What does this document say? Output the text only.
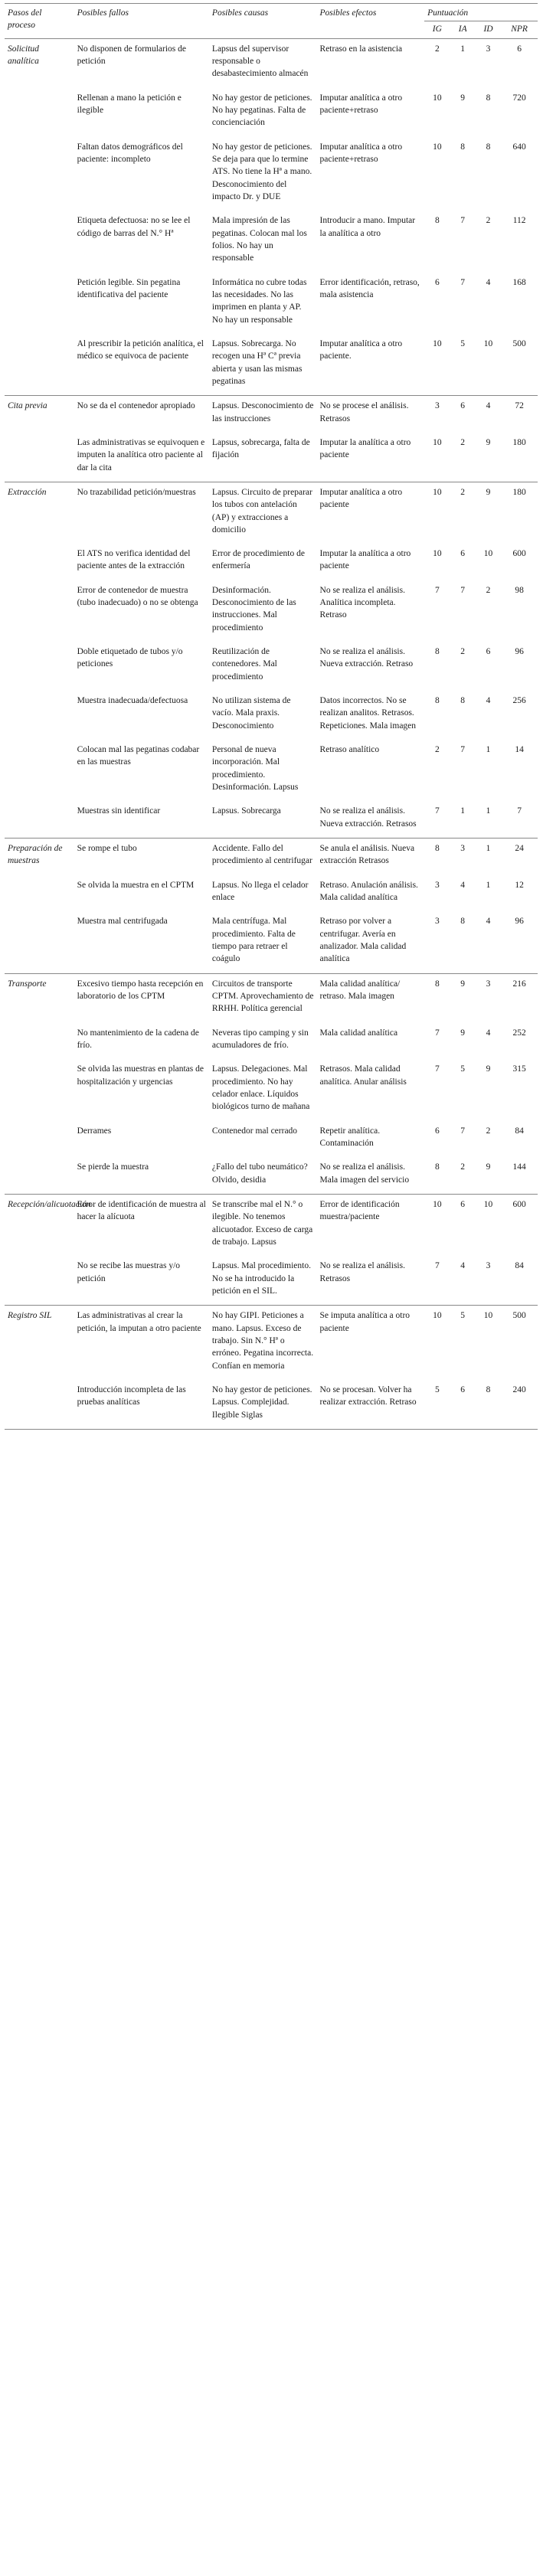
Pasos del proceso	Posibles fallos	Posibles causas	Posibles efectos	Puntuación			
				IG	IA	ID	NPR
Solicitud analítica	No disponen de formularios de petición	Lapsus del supervisor responsable o desabastecimiento almacén	Retraso en la asistencia	2	1	3	6
	Rellenan a mano la petición e ilegible	No hay gestor de peticiones. No hay pegatinas. Falta de concienciación	Imputar analítica a otro paciente+retraso	10	9	8	720
	Faltan datos demográficos del paciente: incompleto	No hay gestor de peticiones. Se deja para que lo termine ATS. No tiene la Hª a mano. Desconocimiento del impacto Dr. y DUE	Imputar analítica a otro paciente+retraso	10	8	8	640
	Etiqueta defectuosa: no se lee el código de barras del N.° Hª	Mala impresión de las pegatinas. Colocan mal los folios. No hay un responsable	Introducir a mano. Imputar la analítica a otro	8	7	2	112
	Petición legible. Sin pegatina identificativa del paciente	Informática no cubre todas las necesidades. No las imprimen en planta y AP. No hay un responsable	Error identificación, retraso, mala asistencia	6	7	4	168
	Al prescribir la petición analítica, el médico se equivoca de paciente	Lapsus. Sobrecarga. No recogen una Hª Cª previa abierta y usan las mismas pegatinas	Imputar analítica a otro paciente.	10	5	10	500
Cita previa	No se da el contenedor apropiado	Lapsus. Desconocimiento de las instrucciones	No se procese el análisis. Retrasos	3	6	4	72
	Las administrativas se equivoquen e imputen la analítica otro paciente al dar la cita	Lapsus, sobrecarga, falta de fijación	Imputar la analítica a otro paciente	10	2	9	180
Extracción	No trazabilidad petición/muestras	Lapsus. Circuito de preparar los tubos con antelación (AP) y extracciones a domicilio	Imputar analítica a otro paciente	10	2	9	180
	El ATS no verifica identidad del paciente antes de la extracción	Error de procedimiento de enfermería	Imputar la analítica a otro paciente	10	6	10	600
	Error de contenedor de muestra (tubo inadecuado) o no se obtenga	Desinformación. Desconocimiento de las instrucciones. Mal procedimiento	No se realiza el análisis. Analítica incompleta. Retraso	7	7	2	98
	Doble etiquetado de tubos y/o peticiones	Reutilización de contenedores. Mal procedimiento	No se realiza el análisis. Nueva extracción. Retraso	8	2	6	96
	Muestra inadecuada/defectuosa	No utilizan sistema de vacío. Mala praxis. Desconocimiento	Datos incorrectos. No se realizan analitos. Retrasos. Repeticiones. Mala imagen	8	8	4	256
	Colocan mal las pegatinas codabar en las muestras	Personal de nueva incorporación. Mal procedimiento. Desinformación. Lapsus	Retraso analítico	2	7	1	14
	Muestras sin identificar	Lapsus. Sobrecarga	No se realiza el análisis. Nueva extracción. Retrasos	7	1	1	7
Preparación de muestras	Se rompe el tubo	Accidente. Fallo del procedimiento al centrifugar	Se anula el análisis. Nueva extracción Retrasos	8	3	1	24
	Se olvida la muestra en el CPTM	Lapsus. No llega el celador enlace	Retraso. Anulación análisis. Mala calidad analítica	3	4	1	12
	Muestra mal centrifugada	Mala centrífuga. Mal procedimiento. Falta de tiempo para retraer el coágulo	Retraso por volver a centrifugar. Avería en analizador. Mala calidad analítica	3	8	4	96
Transporte	Excesivo tiempo hasta recepción en laboratorio de los CPTM	Circuitos de transporte CPTM. Aprovechamiento de RRHH. Política gerencial	Mala calidad analítica/ retraso. Mala imagen	8	9	3	216
	No mantenimiento de la cadena de frío.	Neveras tipo camping y sin acumuladores de frío.	Mala calidad analítica	7	9	4	252
	Se olvida las muestras en plantas de hospitalización y urgencias	Lapsus. Delegaciones. Mal procedimiento. No hay celador enlace. Líquidos biológicos turno de mañana	Retrasos. Mala calidad analítica. Anular análisis	7	5	9	315
	Derrames	Contenedor mal cerrado	Repetir analítica. Contaminación	6	7	2	84
	Se pierde la muestra	¿Fallo del tubo neumático? Olvido, desidia	No se realiza el análisis. Mala imagen del servicio	8	2	9	144
Recepción/alicuotación	Error de identificación de muestra al hacer la alícuota	Se transcribe mal el N.° o ilegible. No tenemos alicuotador. Exceso de carga de trabajo. Lapsus	Error de identificación muestra/paciente	10	6	10	600
	No se recibe las muestras y/o petición	Lapsus. Mal procedimiento. No se ha introducido la petición en el SIL.	No se realiza el análisis. Retrasos	7	4	3	84
Registro SIL	Las administrativas al crear la petición, la imputan a otro paciente	No hay GIPI. Peticiones a mano. Lapsus. Exceso de trabajo. Sin N.° Hª o erróneo. Pegatina incorrecta. Confían en memoria	Se imputa analítica a otro paciente	10	5	10	500
	Introducción incompleta de las pruebas analíticas	No hay gestor de peticiones. Lapsus. Complejidad. Ilegible Siglas	No se procesan. Volver ha realizar extracción. Retraso	5	6	8	240
